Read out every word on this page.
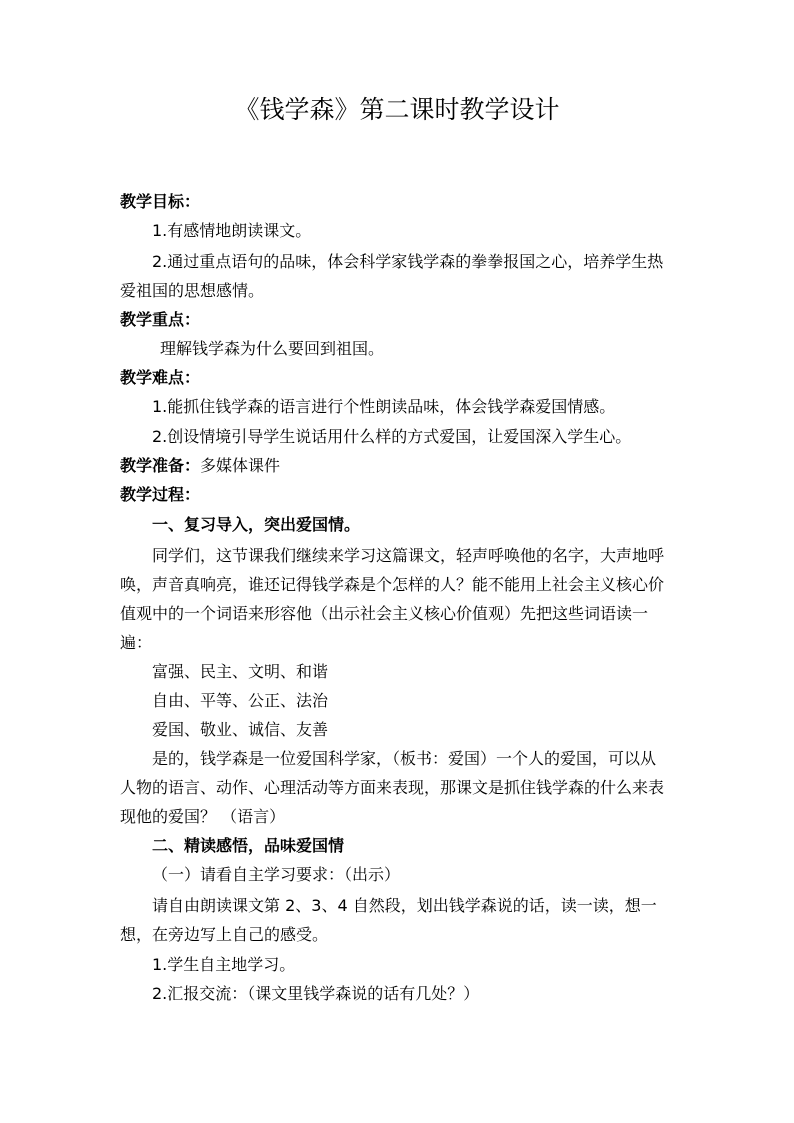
《钱学森》第二课时教学设计
教学目标：
1.有感情地朗读课文。
2.通过重点语句的品味，体会科学家钱学森的拳拳报国之心，培养学生热
爱祖国的思想感情。
教学重点：
理解钱学森为什么要回到祖国。
教学难点：
1.能抓住钱学森的语言进行个性朗读品味，体会钱学森爱国情感。
2.创设情境引导学生说话用什么样的方式爱国，让爱国深入学生心。
教学准备：多媒体课件
教学过程：
一、复习导入，突出爱国情。
同学们，这节课我们继续来学习这篇课文，轻声呼唤他的名字，大声地呼
唤，声音真响亮，谁还记得钱学森是个怎样的人？能不能用上社会主义核心价
值观中的一个词语来形容他（出示社会主义核心价值观）先把这些词语读一
遍：
富强、民主、文明、和谐
自由、平等、公正、法治
爱国、敬业、诚信、友善
是的，钱学森是一位爱国科学家，（板书：爱国）一个人的爱国，可以从
人物的语言、动作、心理活动等方面来表现，那课文是抓住钱学森的什么来表
现他的爱国？ （语言）
二、精读感悟，品味爱国情
（一）请看自主学习要求：（出示）
请自由朗读课文第 2、3、4 自然段，划出钱学森说的话，读一读，想一
想，在旁边写上自己的感受。
1.学生自主地学习。
2.汇报交流：（课文里钱学森说的话有几处？）
